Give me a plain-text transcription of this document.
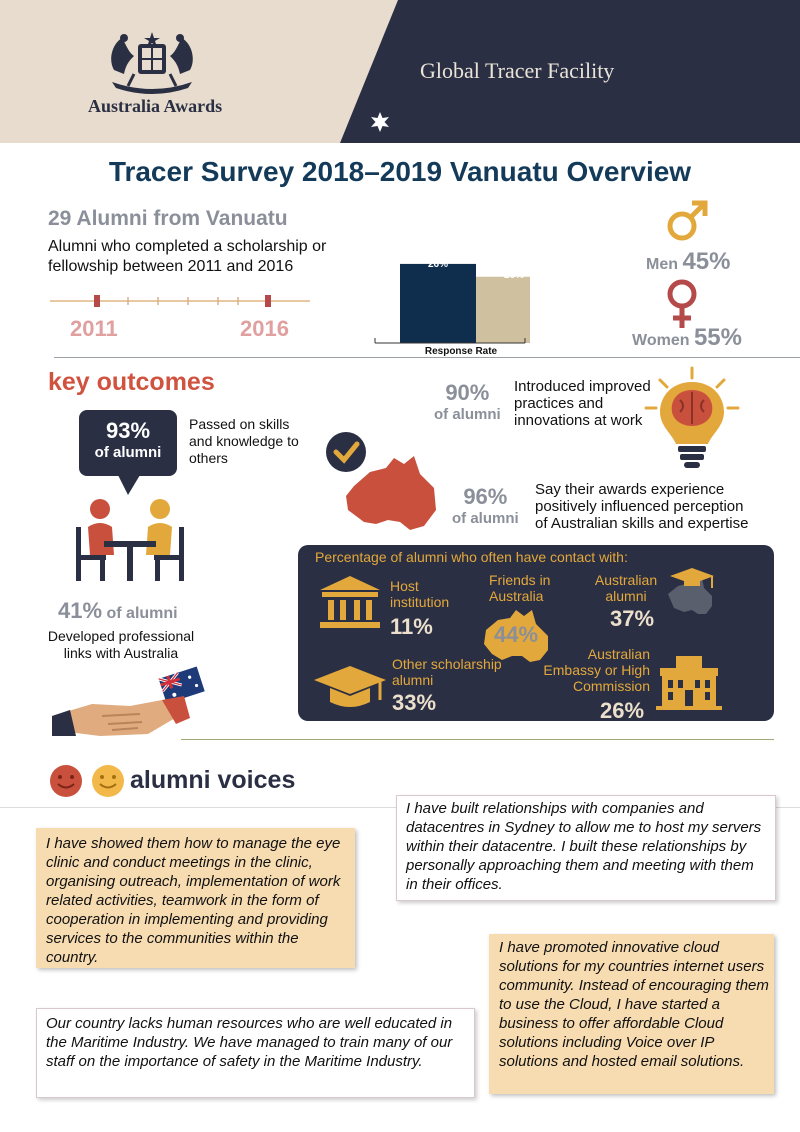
Australia Awards
Global Tracer Facility
Tracer Survey 2018–2019 Vanuatu Overview
29 Alumni from Vanuatu
Alumni who completed a scholarship or fellowship between 2011 and 2016
2011	2016
All
alumni
26%
Vanuatu
alumni
26%
Response Rate
Men 45%
Women 55%
key outcomes
93%
of alumni
Passed on skills and knowledge to others
41% of alumni
Developed professional links with Australia
90%
of alumni
Introduced improved practices and innovations at work
96%
of alumni
Say their awards experience positively influenced perception of Australian skills and expertise
Percentage of alumni who often have contact with:
Host institution
11%
Friends in Australia
44%
Australian alumni
37%
Other scholarship alumni
33%
Australian Embassy or High Commission
26%
alumni voices
I have showed them how to manage the eye clinic and conduct meetings in the clinic, organising outreach, implementation of work related activities, teamwork in the form of cooperation in implementing and providing services to the communities within the country.
I have built relationships with companies and datacentres in Sydney to allow me to host my servers within their datacentre. I built these relationships by personally approaching them and meeting with them in their offices.
I have promoted innovative cloud solutions for my countries internet users community. Instead of encouraging them to use the Cloud, I have started a business to offer affordable Cloud solutions including Voice over IP solutions and hosted email solutions.
Our country lacks human resources who are well educated in the Maritime Industry. We have managed to train many of our staff on the importance of safety in the Maritime Industry.
